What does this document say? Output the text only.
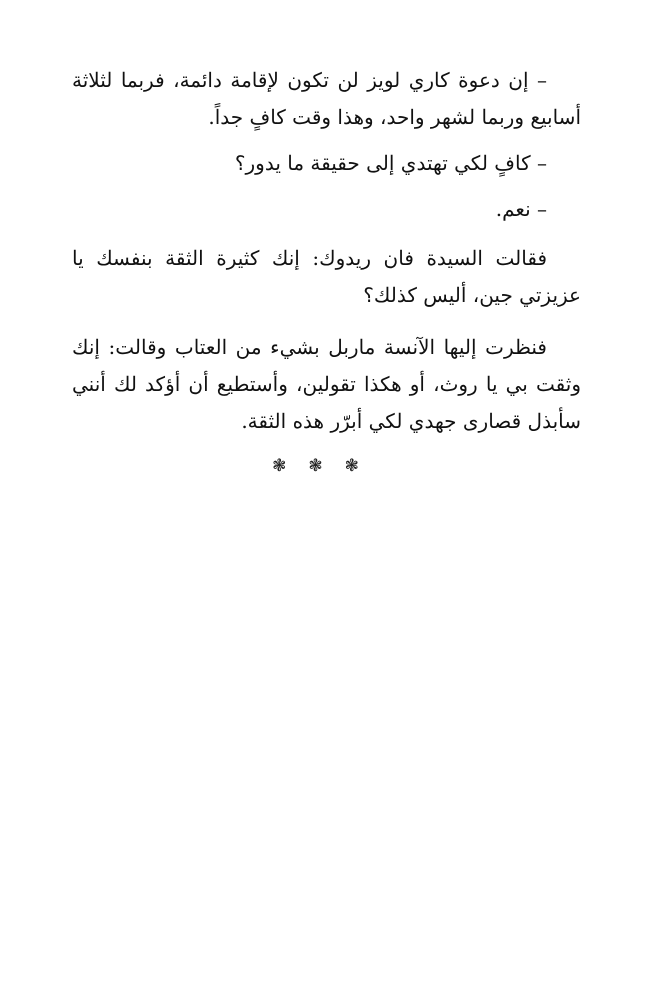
– إن دعوة كاري لويز لن تكون لإقامة دائمة، فربما لثلاثة أسابيع وربما لشهر واحد، وهذا وقت كافٍ جداً.

– كافٍ لكي تهتدي إلى حقيقة ما يدور؟

– نعم.

فقالت السيدة فان ريدوك: إنك كثيرة الثقة بنفسك يا عزيزتي جين، أليس كذلك؟

فنظرت إليها الآنسة ماربل بشيء من العتاب وقالت: إنك وثقت بي يا روث، أو هكذا تقولين، وأستطيع أن أؤكد لك أنني سأبذل قصارى جهدي لكي أبرّر هذه الثقة.

❃❃❃
